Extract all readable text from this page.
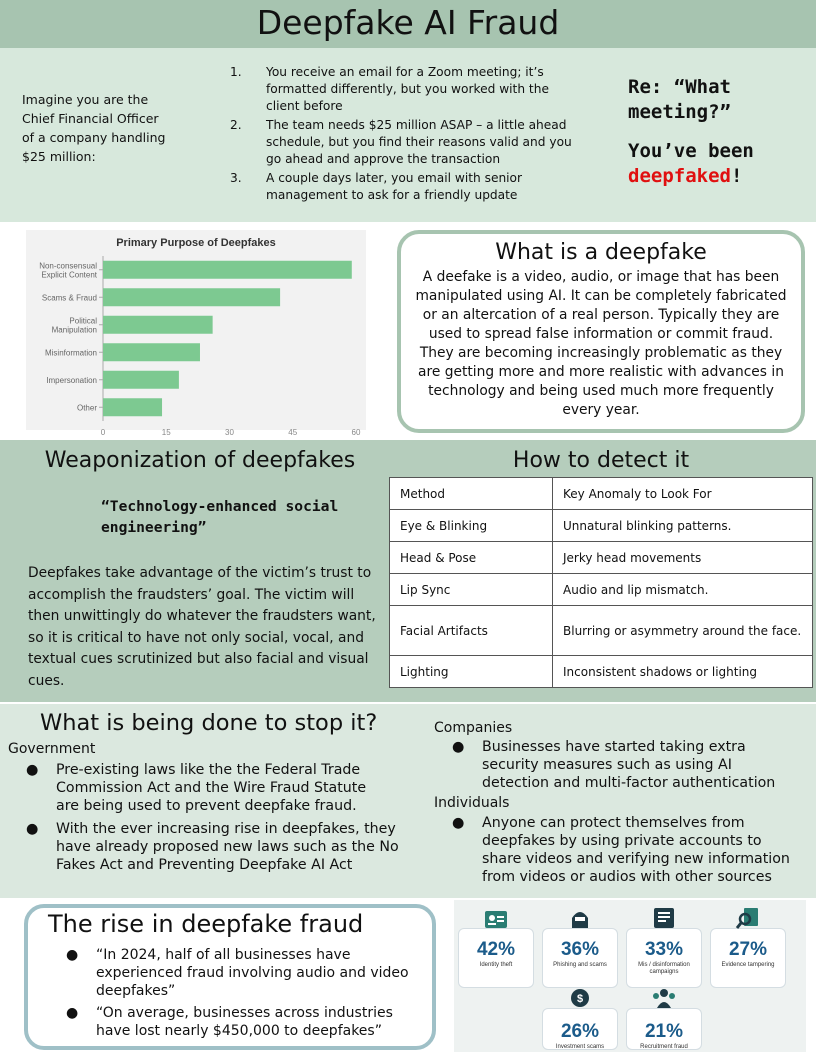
Deepfake AI Fraud
Imagine you are the Chief Financial Officer of a company handling $25 million:
1.	You receive an email for a Zoom meeting; it’s formatted differently, but you worked with the client before
2.	The team needs $25 million ASAP – a little ahead schedule, but you find their reasons valid and you go ahead and approve the transaction
3.	A couple days later, you email with senior management to ask for a friendly update
Re: “What meeting?”
You’ve been deepfaked!
Primary Purpose of Deepfakes
Non-consensual
Explicit Content
Scams & Fraud
Political
Manipulation
Misinformation
Impersonation
Other
0	15	30	45	60
What is a deepfake

A deefake is a video, audio, or image that has been manipulated using AI. It can be completely fabricated or an altercation of a real person. Typically they are used to spread false information or commit fraud. They are becoming increasingly problematic as they are getting more and more realistic with advances in technology and being used much more frequently every year.

Weaponization of deepfakes
“Technology-enhanced social engineering”
Deepfakes take advantage of the victim’s trust to accomplish the fraudsters’ goal. The victim will then unwittingly do whatever the fraudsters want, so it is critical to have not only social, vocal, and textual cues scrutinized but also facial and visual cues.
How to detect it
Method	Key Anomaly to Look For
Eye & Blinking	Unnatural blinking patterns.
Head & Pose	Jerky head movements
Lip Sync	Audio and lip mismatch.
Facial Artifacts	Blurring or asymmetry around the face.
Lighting	Inconsistent shadows or lighting
What is being done to stop it?
Government
● Pre-existing laws like the the Federal Trade Commission Act and the Wire Fraud Statute are being used to prevent deepfake fraud.
● With the ever increasing rise in deepfakes, they have already proposed new laws such as the No Fakes Act and Preventing Deepfake AI Act
Companies
● Businesses have started taking extra security measures such as using AI detection and multi-factor authentication
Individuals
● Anyone can protect themselves from deepfakes by using private accounts to share videos and verifying new information from videos or audios with other sources
The rise in deepfake fraud
● “In 2024, half of all businesses have experienced fraud involving audio and video deepfakes”
● “On average, businesses across industries have lost nearly $450,000 to deepfakes”
42%
Identity theft
36%
Phishing and scams
33%
Mis / disinformation campaigns
27%
Evidence tampering
26%
Investment scams
21%
Recruitment fraud
$
